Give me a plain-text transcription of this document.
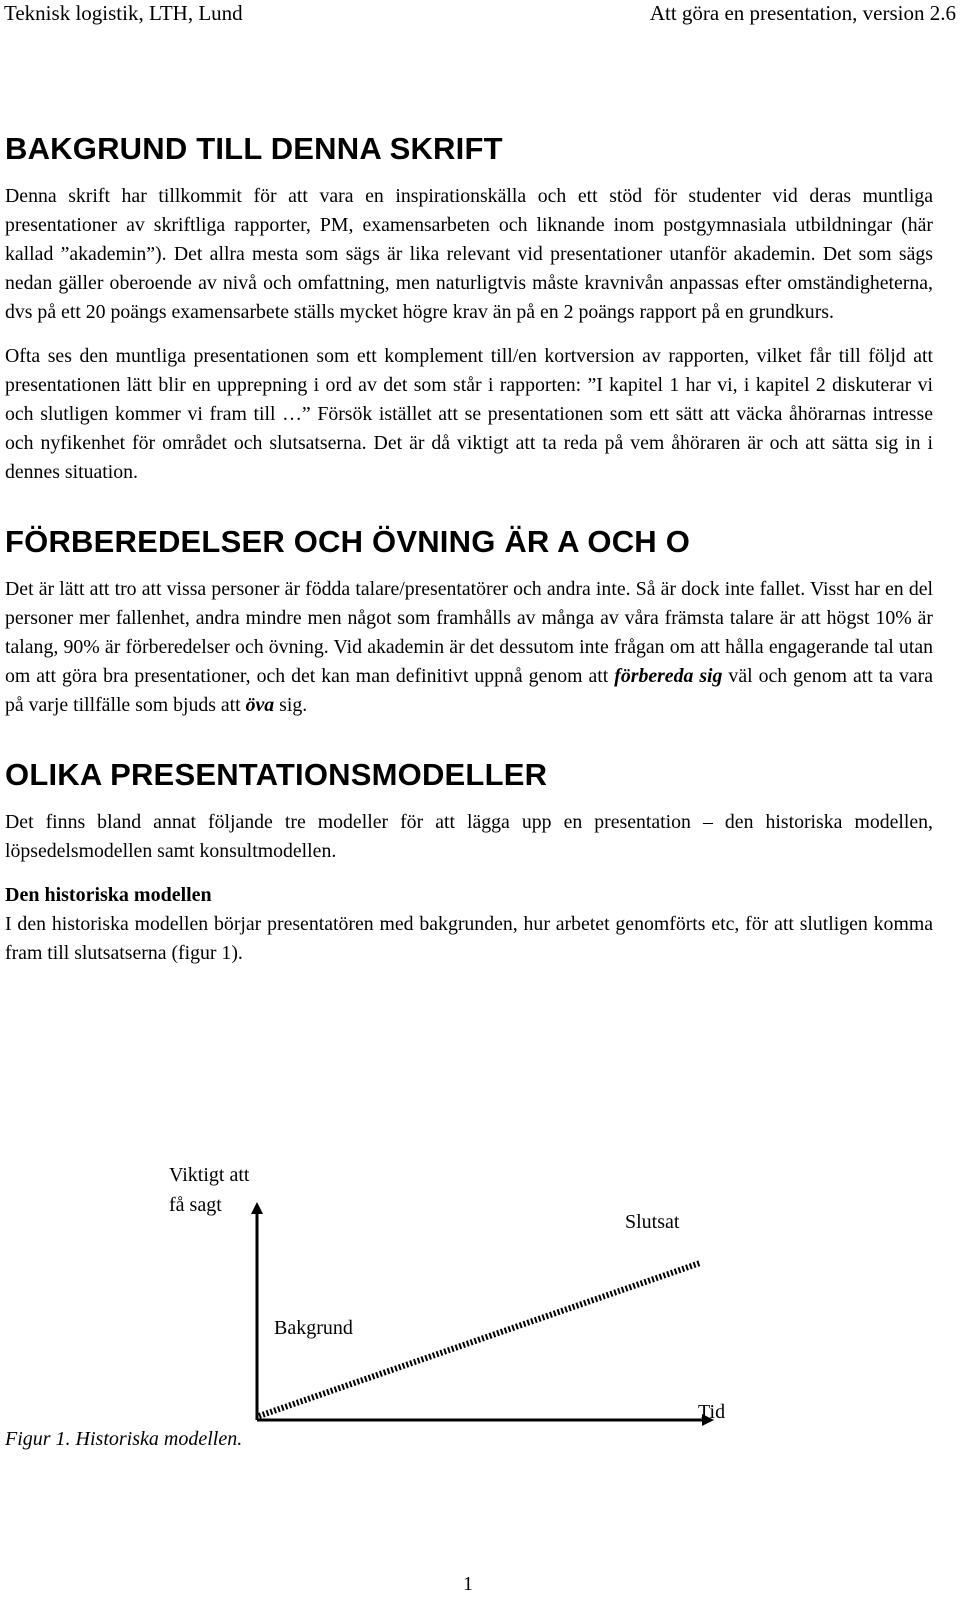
Teknisk logistik, LTH, Lund	Att göra en presentation, version 2.6
BAKGRUND TILL DENNA SKRIFT

Denna skrift har tillkommit för att vara en inspirationskälla och ett stöd för studenter vid deras muntliga presentationer av skriftliga rapporter, PM, examensarbeten och liknande inom postgymnasiala utbildningar (här kallad ”akademin”). Det allra mesta som sägs är lika relevant vid presentationer utanför akademin. Det som sägs nedan gäller oberoende av nivå och omfattning, men naturligtvis måste kravnivån anpassas efter omständigheterna, dvs på ett 20 poängs examensarbete ställs mycket högre krav än på en 2 poängs rapport på en grundkurs.

Ofta ses den muntliga presentationen som ett komplement till/en kortversion av rapporten, vilket får till följd att presentationen lätt blir en upprepning i ord av det som står i rapporten: ”I kapitel 1 har vi, i kapitel 2 diskuterar vi och slutligen kommer vi fram till …” Försök istället att se presentationen som ett sätt att väcka åhörarnas intresse och nyfikenhet för området och slutsatserna. Det är då viktigt att ta reda på vem åhöraren är och att sätta sig in i dennes situation.

FÖRBEREDELSER OCH ÖVNING ÄR A OCH O

Det är lätt att tro att vissa personer är födda talare/presentatörer och andra inte. Så är dock inte fallet. Visst har en del personer mer fallenhet, andra mindre men något som framhålls av många av våra främsta talare är att högst 10% är talang, 90% är förberedelser och övning. Vid akademin är det dessutom inte frågan om att hålla engagerande tal utan om att göra bra presentationer, och det kan man definitivt uppnå genom att förbereda sig väl och genom att ta vara på varje tillfälle som bjuds att öva sig.

OLIKA PRESENTATIONSMODELLER

Det finns bland annat följande tre modeller för att lägga upp en presentation – den historiska modellen, löpsedelsmodellen samt konsultmodellen.

Den historiska modellen

I den historiska modellen börjar presentatören med bakgrunden, hur arbetet genomförts etc, för att slutligen komma fram till slutsatserna (figur 1).

Viktigt att
få sagt
Slutsat
Bakgrund
Tid
Figur 1. Historiska modellen.
1
